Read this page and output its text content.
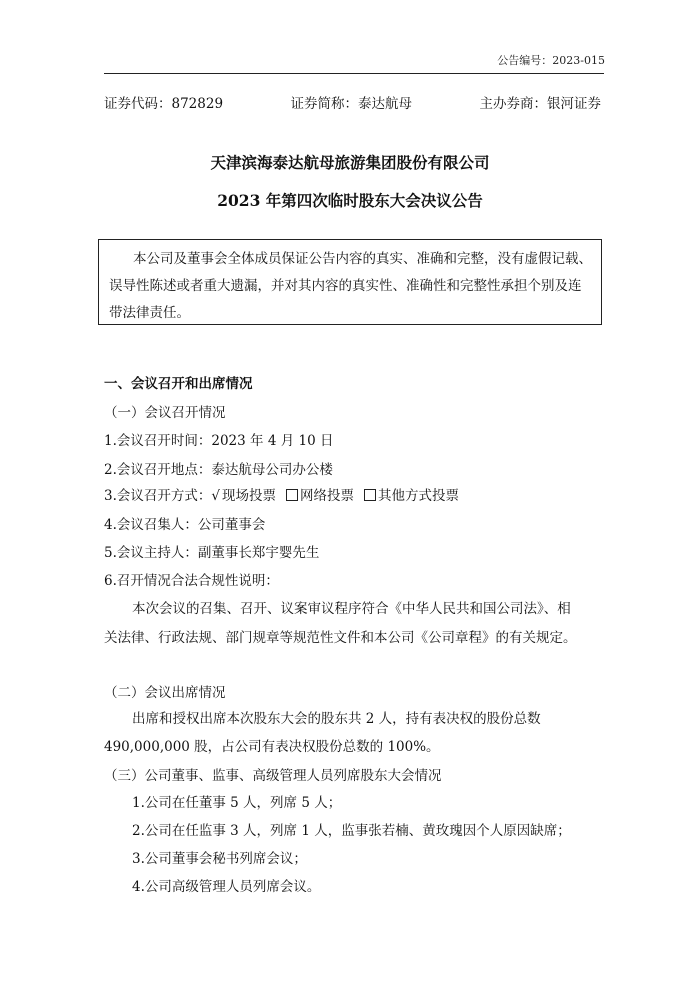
公告编号：2023-015
证券代码：872829	证券简称：泰达航母	主办券商：银河证券
天津滨海泰达航母旅游集团股份有限公司
2023 年第四次临时股东大会决议公告
本公司及董事会全体成员保证公告内容的真实、准确和完整，没有虚假记载、
误导性陈述或者重大遗漏，并对其内容的真实性、准确性和完整性承担个别及连
带法律责任。
一、会议召开和出席情况
（一）会议召开情况
1.会议召开时间：2023 年 4 月 10 日
2.会议召开地点：泰达航母公司办公楼
3.会议召开方式：√ 现场投票 网络投票 其他方式投票
4.会议召集人：公司董事会
5.会议主持人：副董事长郑宇婴先生
6.召开情况合法合规性说明：
本次会议的召集、召开、议案审议程序符合《中华人民共和国公司法》、相
关法律、行政法规、部门规章等规范性文件和本公司《公司章程》的有关规定。
（二）会议出席情况
出席和授权出席本次股东大会的股东共 2 人，持有表决权的股份总数
490,000,000 股，占公司有表决权股份总数的 100%。
（三）公司董事、监事、高级管理人员列席股东大会情况
1.公司在任董事 5 人，列席 5 人；
2.公司在任监事 3 人，列席 1 人，监事张若楠、黄玫瑰因个人原因缺席；
3.公司董事会秘书列席会议；
4.公司高级管理人员列席会议。
